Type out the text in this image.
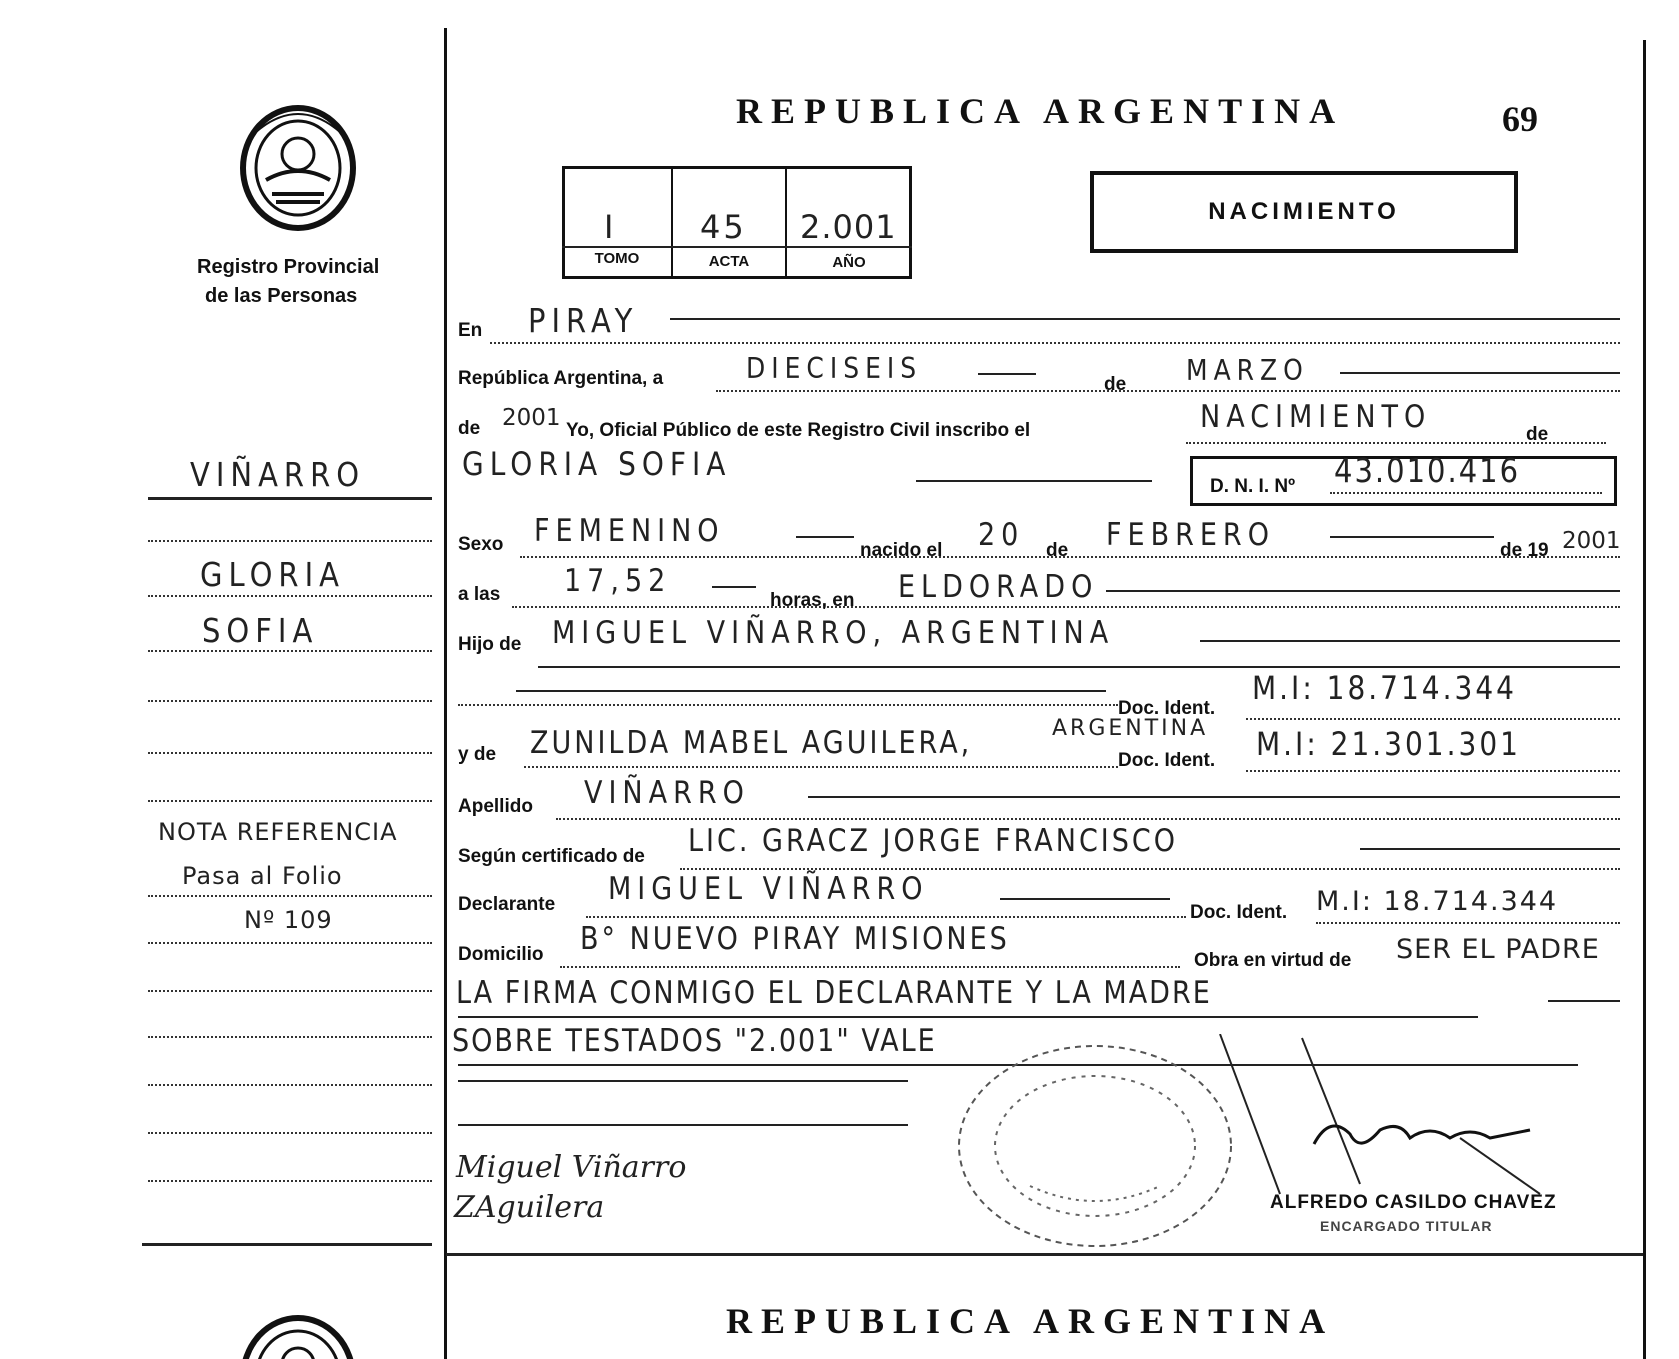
Registro Provincial
de las Personas
VIÑARRO
GLORIA
SOFIA
NOTA REFERENCIA
Pasa al Folio
Nº 109
REPUBLICA ARGENTINA	69
I	45 2.001
TOMO	ACTA	AÑO
NACIMIENTO
En PIRAY
República Argentina, a	DIECISEIS	de MARZO
de 2001 Yo, Oficial Público de este Registro Civil inscribo el	NACIMIENTO	de
GLORIA SOFIA
D. N. I. Nº 43.010.416
Sexo FEMENINO
nacido el 20 de FEBRERO	de 19 2001
a las 17,52
horas, en ELDORADO
Hijo de MIGUEL VIÑARRO, ARGENTINA
Doc. Ident.
M.I: 18.714.344
y de ZUNILDA MABEL AGUILERA,	ARGENTINA
Doc. Ident. M.I: 21.301.301
Apellido VIÑARRO
Según certificado de LIC. GRACZ JORGE FRANCISCO
Declarante MIGUEL VIÑARRO
Doc. Ident. M.I: 18.714.344
Domicilio B° NUEVO PIRAY MISIONES
Obra en virtud de SER EL PADRE
LA FIRMA CONMIGO EL DECLARANTE Y LA MADRE
SOBRE TESTADOS "2.001" VALE
ALFREDO CASILDO CHAVEZ
ENCARGADO TITULAR
Miguel Viñarro
ZAguilera
REPUBLICA ARGENTINA
